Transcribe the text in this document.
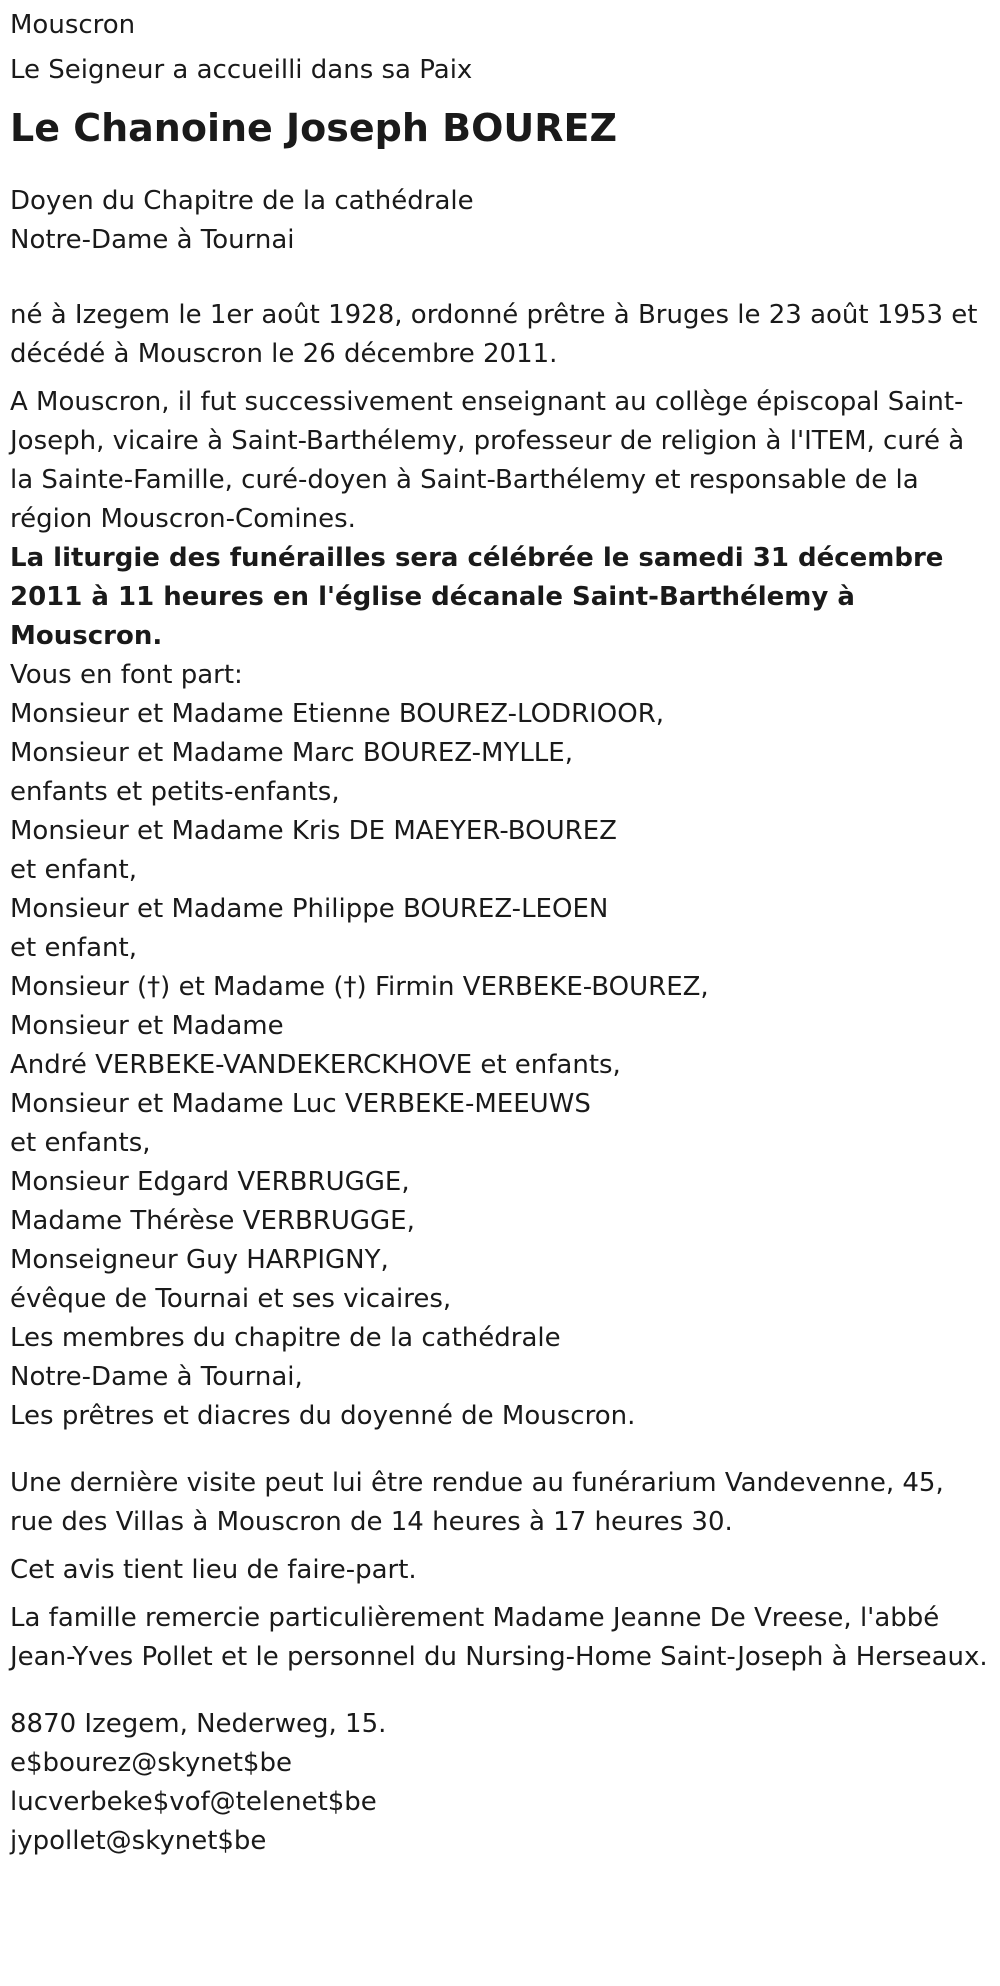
Mouscron
Le Seigneur a accueilli dans sa Paix
Le Chanoine Joseph BOUREZ
Doyen du Chapitre de la cathédrale
Notre-Dame à Tournai
né à Izegem le 1er août 1928, ordonné prêtre à Bruges le 23 août 1953 et décédé à Mouscron le 26 décembre 2011.
A Mouscron, il fut successivement enseignant au collège épiscopal Saint-Joseph, vicaire à Saint-Barthélemy, professeur de religion à l'ITEM, curé à la Sainte-Famille, curé-doyen à Saint-Barthélemy et responsable de la région Mouscron-Comines.
La liturgie des funérailles sera célébrée le samedi 31 décembre 2011 à 11 heures en l'église décanale Saint-Barthélemy à Mouscron.
Vous en font part:
Monsieur et Madame Etienne BOUREZ-LODRIOOR,
Monsieur et Madame Marc BOUREZ-MYLLE,
enfants et petits-enfants,
Monsieur et Madame Kris DE MAEYER-BOUREZ
et enfant,
Monsieur et Madame Philippe BOUREZ-LEOEN
et enfant,
Monsieur (†) et Madame (†) Firmin VERBEKE-BOUREZ,
Monsieur et Madame
André VERBEKE-VANDEKERCKHOVE et enfants,
Monsieur et Madame Luc VERBEKE-MEEUWS
et enfants,
Monsieur Edgard VERBRUGGE,
Madame Thérèse VERBRUGGE,
Monseigneur Guy HARPIGNY,
évêque de Tournai et ses vicaires,
Les membres du chapitre de la cathédrale
Notre-Dame à Tournai,
Les prêtres et diacres du doyenné de Mouscron.
Une dernière visite peut lui être rendue au funérarium Vandevenne, 45, rue des Villas à Mouscron de 14 heures à 17 heures 30.
Cet avis tient lieu de faire-part.
La famille remercie particulièrement Madame Jeanne De Vreese, l'abbé Jean-Yves Pollet et le personnel du Nursing-Home Saint-Joseph à Herseaux.
8870 Izegem, Nederweg, 15.
e$bourez@skynet$be
lucverbeke$vof@telenet$be
jypollet@skynet$be
